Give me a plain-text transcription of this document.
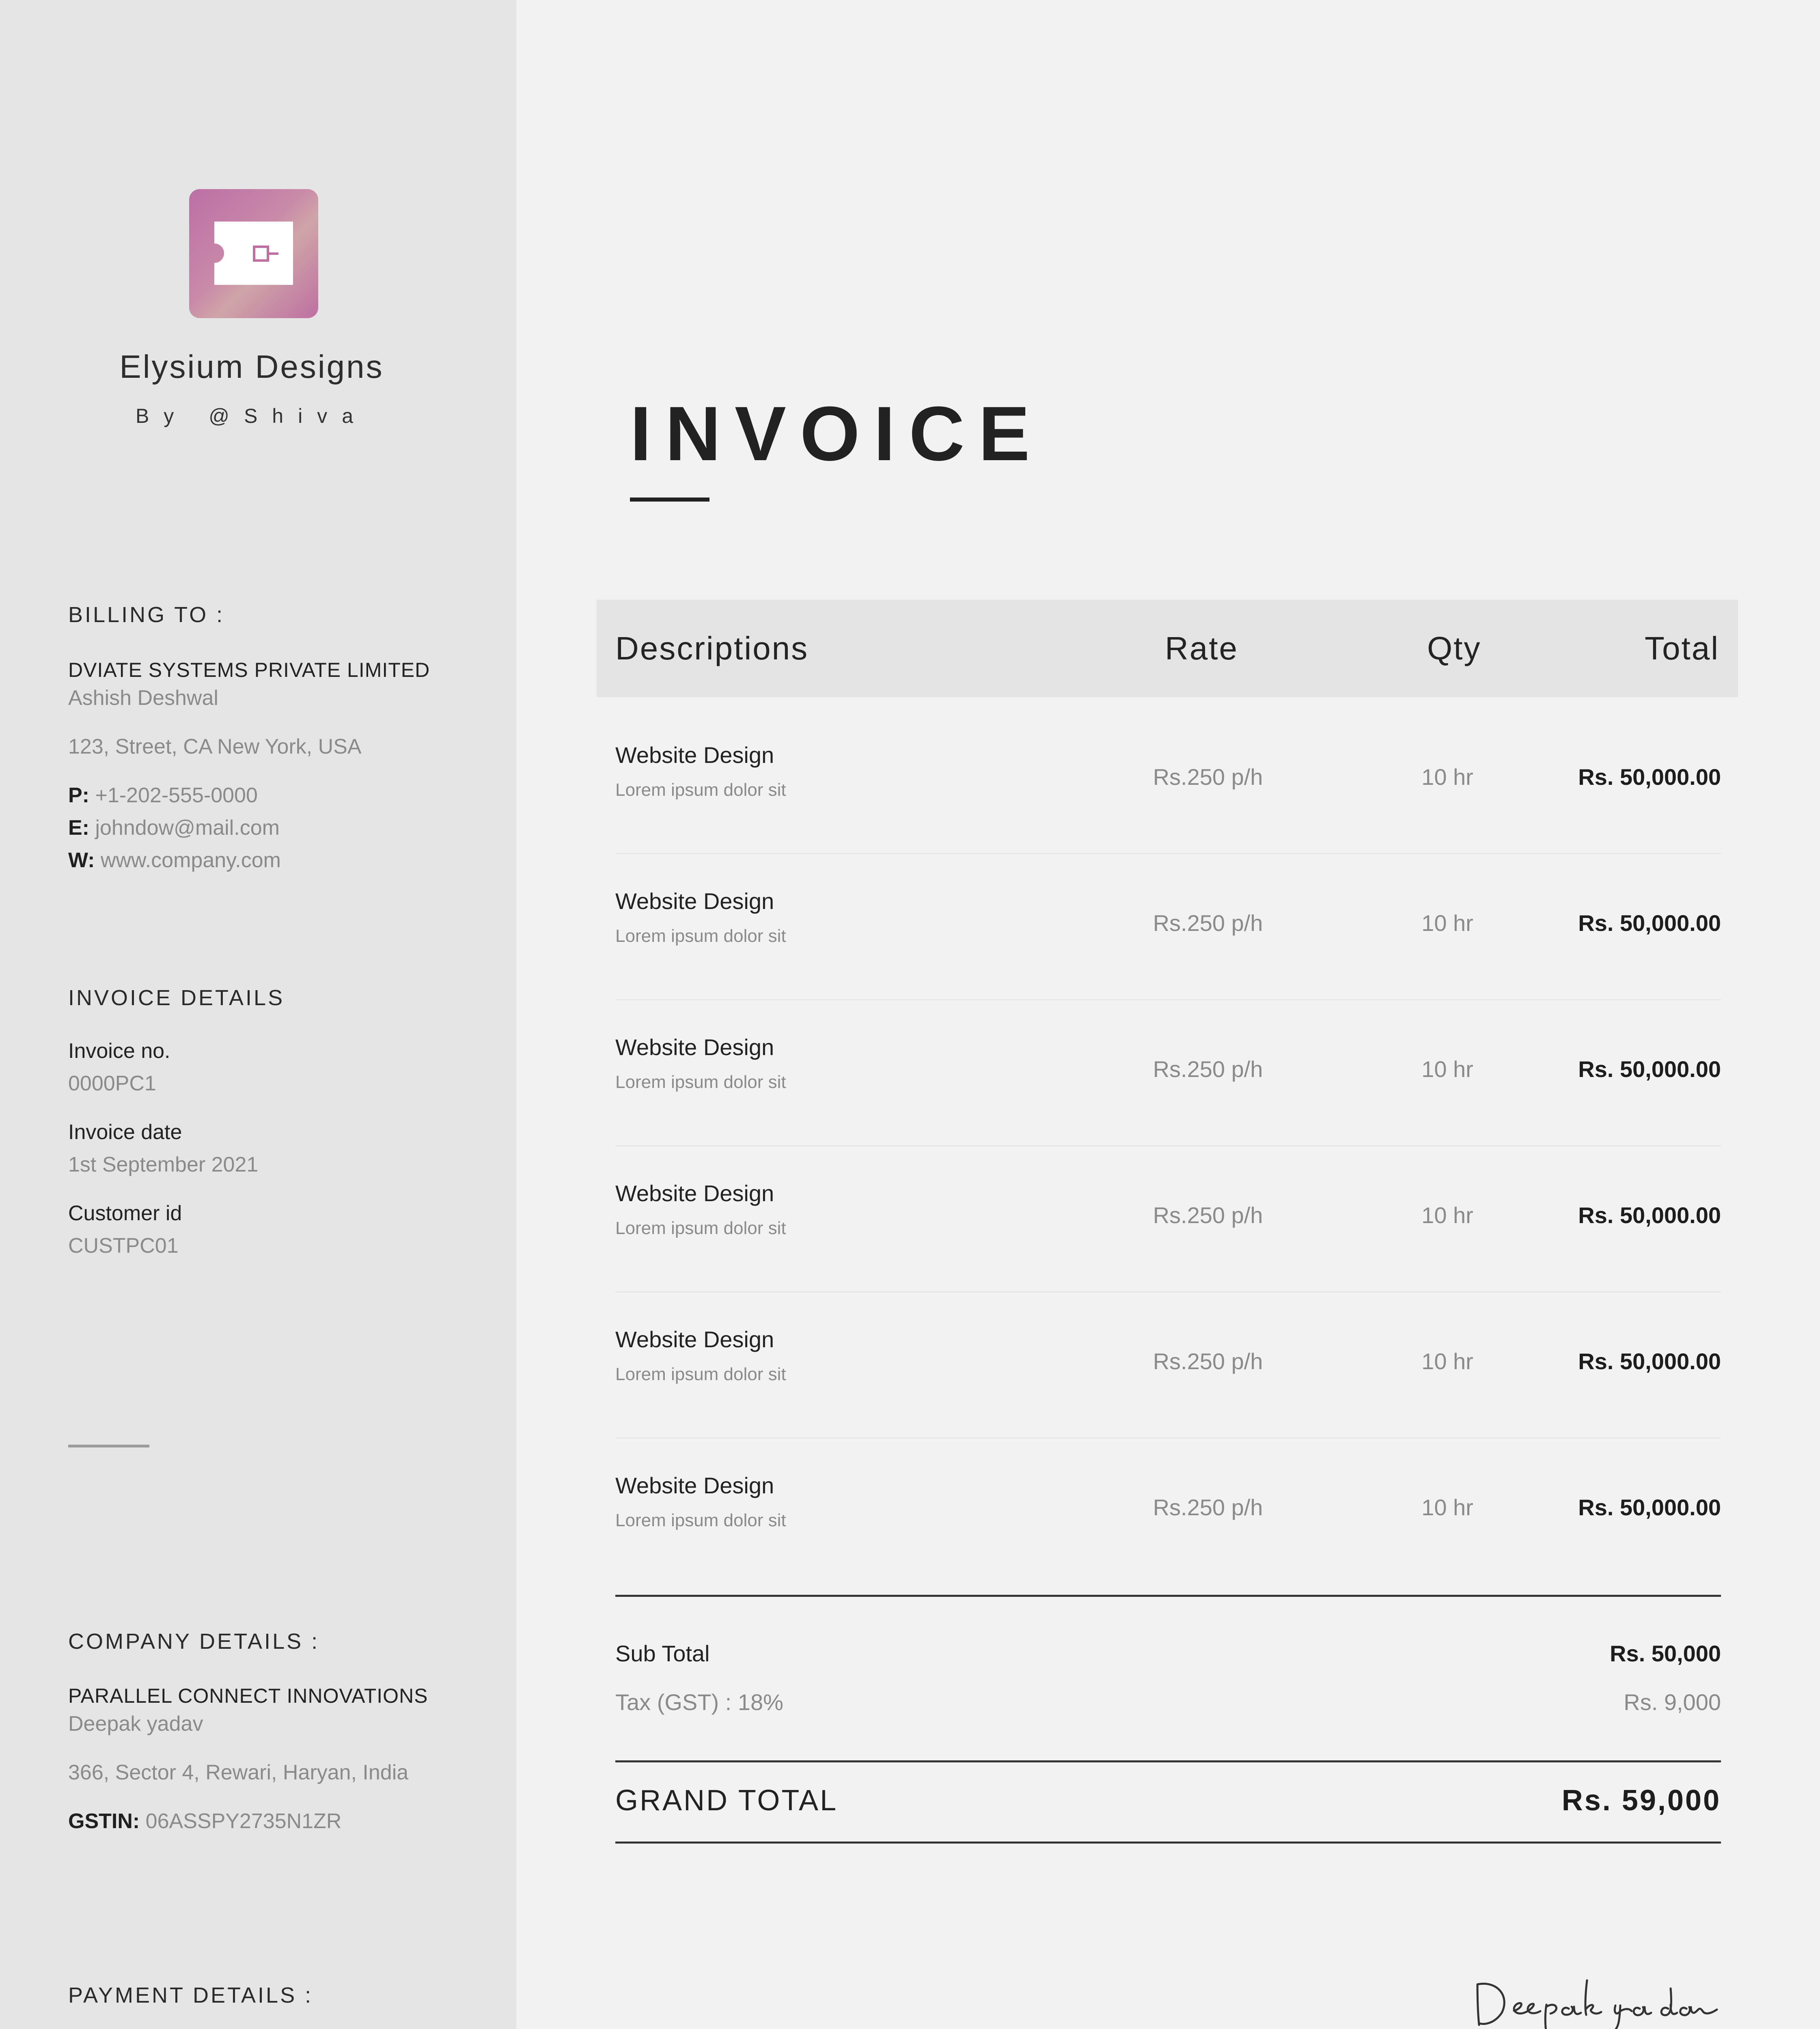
Elysium Designs
By @Shiva

BILLING TO :

DVIATE SYSTEMS PRIVATE LIMITED
Ashish Deshwal
123, Street, CA New York, USA
P: +1-202-555-0000
E: johndow@mail.com
W: www.company.com

INVOICE DETAILS

Invoice no.
0000PC1
Invoice date
1st September 2021
Customer id
CUSTPC01

COMPANY DETAILS :

PARALLEL CONNECT INNOVATIONS
Deepak yadav
366, Sector 4, Rewari, Haryan, India
GSTIN: 06ASSPY2735N1ZR

PAYMENT DETAILS :

INVOICE
Descriptions	Rate	Qty	Total
Website Design
Lorem ipsum dolor sit
Rs.250 p/h	10 hr	Rs. 50,000.00
Website Design
Lorem ipsum dolor sit
Rs.250 p/h	10 hr	Rs. 50,000.00
Website Design
Lorem ipsum dolor sit
Rs.250 p/h	10 hr	Rs. 50,000.00
Website Design
Lorem ipsum dolor sit
Rs.250 p/h	10 hr	Rs. 50,000.00
Website Design
Lorem ipsum dolor sit
Rs.250 p/h	10 hr	Rs. 50,000.00
Website Design
Lorem ipsum dolor sit
Rs.250 p/h	10 hr	Rs. 50,000.00
Sub Total	Rs. 50,000
Tax (GST) : 18%	Rs. 9,000
GRAND TOTAL	Rs. 59,000
